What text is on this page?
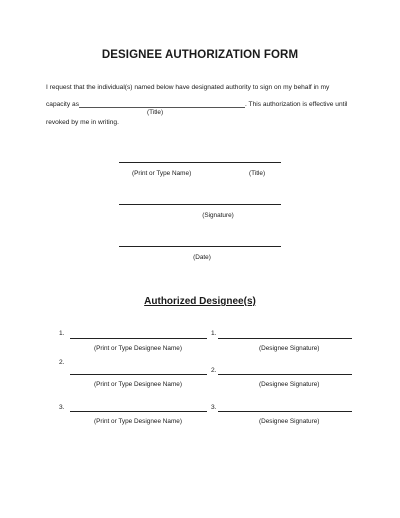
DESIGNEE AUTHORIZATION FORM
I request that the individual(s) named below have designated authority to sign on my behalf in my
capacity as	. This authorization is effective until
(Title)
revoked by me in writing.
(Print or Type Name)	(Title)
(Signature)
(Date)
Authorized Designee(s)
1.	1.
(Print or Type Designee Name)	(Designee Signature)
2.
2.
(Print or Type Designee Name)	(Designee Signature)
3.	3.
(Print or Type Designee Name)	(Designee Signature)
